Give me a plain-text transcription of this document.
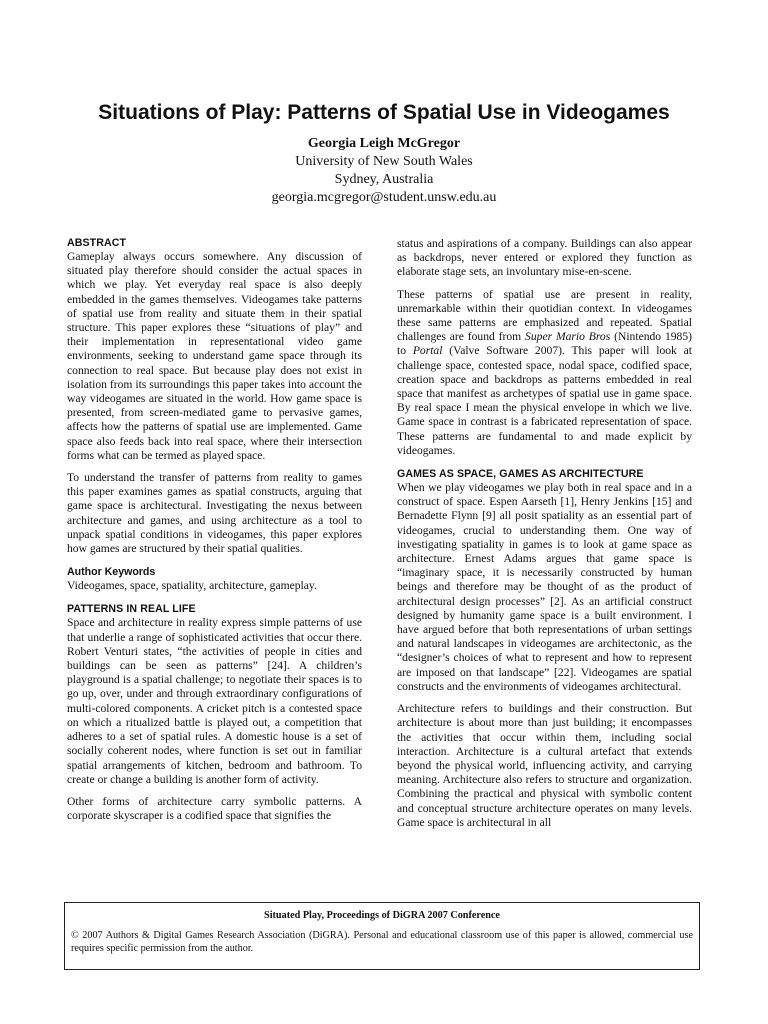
Situations of Play: Patterns of Spatial Use in Videogames
Georgia Leigh McGregor
University of New South Wales
Sydney, Australia
georgia.mcgregor@student.unsw.edu.au
ABSTRACT

Gameplay always occurs somewhere. Any discussion of situated play therefore should consider the actual spaces in which we play. Yet everyday real space is also deeply embedded in the games themselves. Videogames take patterns of spatial use from reality and situate them in their spatial structure. This paper explores these “situations of play” and their implementation in representational video game environments, seeking to understand game space through its connection to real space. But because play does not exist in isolation from its surroundings this paper takes into account the way videogames are situated in the world. How game space is presented, from screen-mediated game to pervasive games, affects how the patterns of spatial use are implemented. Game space also feeds back into real space, where their intersection forms what can be termed as played space.

To understand the transfer of patterns from reality to games this paper examines games as spatial constructs, arguing that game space is architectural. Investigating the nexus between architecture and games, and using architecture as a tool to unpack spatial conditions in videogames, this paper explores how games are structured by their spatial qualities.

Author Keywords

Videogames, space, spatiality, architecture, gameplay.

PATTERNS IN REAL LIFE

Space and architecture in reality express simple patterns of use that underlie a range of sophisticated activities that occur there. Robert Venturi states, “the activities of people in cities and buildings can be seen as patterns” [24]. A children’s playground is a spatial challenge; to negotiate their spaces is to go up, over, under and through extraordinary configurations of multi-colored components. A cricket pitch is a contested space on which a ritualized battle is played out, a competition that adheres to a set of spatial rules. A domestic house is a set of socially coherent nodes, where function is set out in familiar spatial arrangements of kitchen, bedroom and bathroom. To create or change a building is another form of activity.

Other forms of architecture carry symbolic patterns. A corporate skyscraper is a codified space that signifies the

status and aspirations of a company. Buildings can also appear as backdrops, never entered or explored they function as elaborate stage sets, an involuntary mise-en-scene.

These patterns of spatial use are present in reality, unremarkable within their quotidian context. In videogames these same patterns are emphasized and repeated. Spatial challenges are found from Super Mario Bros (Nintendo 1985) to Portal (Valve Software 2007). This paper will look at challenge space, contested space, nodal space, codified space, creation space and backdrops as patterns embedded in real space that manifest as archetypes of spatial use in game space. By real space I mean the physical envelope in which we live. Game space in contrast is a fabricated representation of space. These patterns are fundamental to and made explicit by videogames.

GAMES AS SPACE, GAMES AS ARCHITECTURE

When we play videogames we play both in real space and in a construct of space. Espen Aarseth [1], Henry Jenkins [15] and Bernadette Flynn [9] all posit spatiality as an essential part of videogames, crucial to understanding them. One way of investigating spatiality in games is to look at game space as architecture. Ernest Adams argues that game space is “imaginary space, it is necessarily constructed by human beings and therefore may be thought of as the product of architectural design processes” [2]. As an artificial construct designed by humanity game space is a built environment. I have argued before that both representations of urban settings and natural landscapes in videogames are architectonic, as the “designer’s choices of what to represent and how to represent are imposed on that landscape” [22]. Videogames are spatial constructs and the environments of videogames architectural.

Architecture refers to buildings and their construction. But architecture is about more than just building; it encompasses the activities that occur within them, including social interaction. Architecture is a cultural artefact that extends beyond the physical world, influencing activity, and carrying meaning. Architecture also refers to structure and organization. Combining the practical and physical with symbolic content and conceptual structure architecture operates on many levels. Game space is architectural in all

Situated Play, Proceedings of DiGRA 2007 Conference

© 2007 Authors & Digital Games Research Association (DiGRA). Personal and educational classroom use of this paper is allowed, commercial use requires specific permission from the author.
